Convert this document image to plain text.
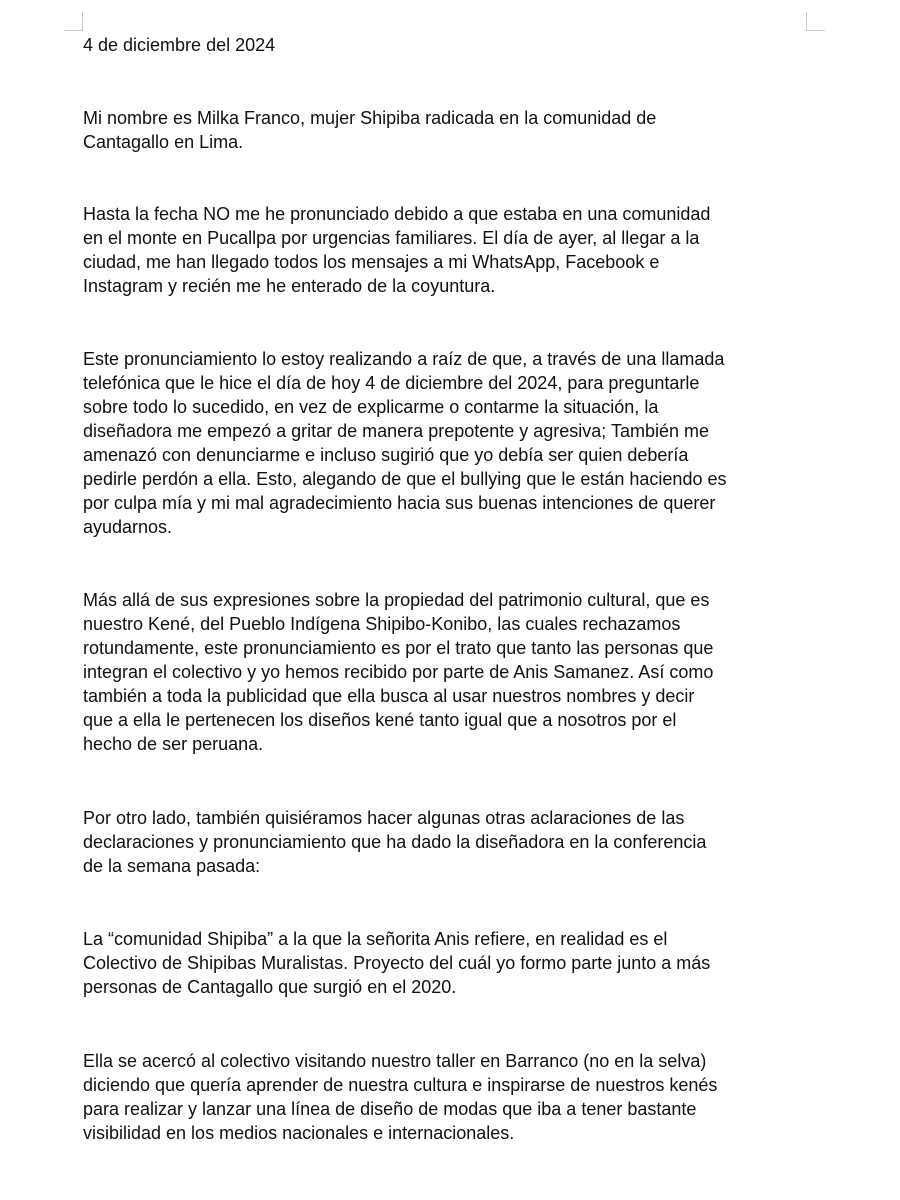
4 de diciembre del 2024

Mi nombre es Milka Franco, mujer Shipiba radicada en la comunidad de
Cantagallo en Lima.

Hasta la fecha NO me he pronunciado debido a que estaba en una comunidad
en el monte en Pucallpa por urgencias familiares. El día de ayer, al llegar a la
ciudad, me han llegado todos los mensajes a mi WhatsApp, Facebook e
Instagram y recién me he enterado de la coyuntura.

Este pronunciamiento lo estoy realizando a raíz de que, a través de una llamada
telefónica que le hice el día de hoy 4 de diciembre del 2024, para preguntarle
sobre todo lo sucedido, en vez de explicarme o contarme la situación, la
diseñadora me empezó a gritar de manera prepotente y agresiva; También me
amenazó con denunciarme e incluso sugirió que yo debía ser quien debería
pedirle perdón a ella. Esto, alegando de que el bullying que le están haciendo es
por culpa mía y mi mal agradecimiento hacia sus buenas intenciones de querer
ayudarnos.

Más allá de sus expresiones sobre la propiedad del patrimonio cultural, que es
nuestro Kené, del Pueblo Indígena Shipibo-Konibo, las cuales rechazamos
rotundamente, este pronunciamiento es por el trato que tanto las personas que
integran el colectivo y yo hemos recibido por parte de Anis Samanez. Así como
también a toda la publicidad que ella busca al usar nuestros nombres y decir
que a ella le pertenecen los diseños kené tanto igual que a nosotros por el
hecho de ser peruana.

Por otro lado, también quisiéramos hacer algunas otras aclaraciones de las
declaraciones y pronunciamiento que ha dado la diseñadora en la conferencia
de la semana pasada:

La “comunidad Shipiba” a la que la señorita Anis refiere, en realidad es el
Colectivo de Shipibas Muralistas. Proyecto del cuál yo formo parte junto a más
personas de Cantagallo que surgió en el 2020.

Ella se acercó al colectivo visitando nuestro taller en Barranco (no en la selva)
diciendo que quería aprender de nuestra cultura e inspirarse de nuestros kenés
para realizar y lanzar una línea de diseño de modas que iba a tener bastante
visibilidad en los medios nacionales e internacionales.
